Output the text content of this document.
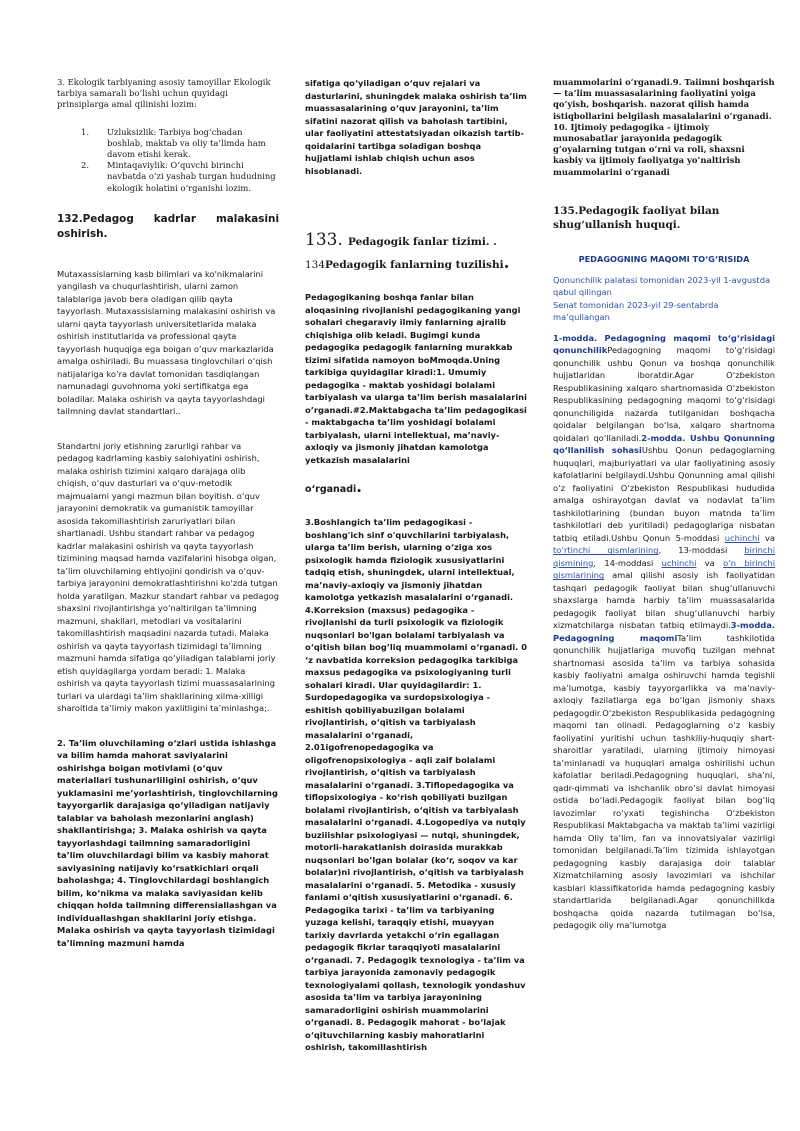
3. Ekologik tarbiyaning asosiy tamoyillar Ekologik tarbiya samarali bo‘lishi uchun quyidagi prinsiplarga amal qilinishi lozim:

1. Uzluksizlik: Tarbiya bog‘chadan boshlab, maktab va oliy ta’limda ham davom etishi kerak.
2. Mintaqaviylik: O‘quvchi birinchi navbatda o‘zi yashab turgan hududning ekologik holatini o‘rganishi lozim.

132.Pedagog kadrlar malakasini oshirish.

Mutaxassislarning kasb bilimlari va ko'nikmalarini yangilash va chuqurlashtirish, ularni zamon talablariga javob bera oladigan qilib qayta tayyorlash. Mutaxassislarning malakasini oshirish va ularni qayta tayyorlash universitetlarida malaka oshirish institutlarida va professional qayta tayyorlash huquqiga ega boigan o’quv markazlarida amalga oshiriladi. Bu muassasa tinglovchilari o‘qish natijalariga ko’ra davlat tomonidan tasdiqlangan namunadagi guvohnoma yoki sertifikatga ega boladilar. Malaka oshirish va qayta tayyorlashdagi tailmning davlat standartlari..

Standartni joriy etishning zarurligi rahbar va pedagog kadrlaming kasbiy salohiyatini oshirish, malaka oshirish tizimini xalqaro darajaga olib chiqish, o‘quv dasturlari va o‘quv-metodik majmualarni yangi mazmun bilan boyitish. o‘quv jarayonini demokratik va gumanistik tamoyillar asosida takomillashtirish zaruriyatlari bilan shartlanadi. Ushbu standart rahbar va pedagog kadrlar malakasini oshirish va qayta tayyorlash tizimining maqsad hamda vazifalarini hisobga olgan, ta’lim oluvchilaming ehtiyojini qondirish va o‘quv-tarbiya jarayonini demokratlashtirishni ko‘zda tutgan holda yaratilgan. Mazkur standart rahbar va pedagog shaxsini rivojlantirishga yo’naltirilgan ta’limning mazmuni, shakllari, metodlari va vositalarini takomillashtirish maqsadini nazarda tutadi. Malaka oshirish va qayta tayyorlash tizimidagi ta’limning mazmuni hamda sifatiga qo‘yiladigan talablami joriy etish quyidagilarga yordam beradi: 1. Malaka oshirish va qayta tayyorlash tizimi muassasalarining turlari va ulardagi ta’lim shakllarining xilma-xilligi sharoitida ta’limiy makon yaxlitligini ta’minlashga;.

2. Ta’lim oluvchilaming o‘zlari ustida ishlashga va bilim hamda mahorat saviyalarini oshirishga boigan motivlami (o‘quv materiallari tushunarliligini oshirish, o‘quv yuklamasini me’yorlashtirish, tinglovchilarning tayyorgarlik darajasiga qo‘yiladigan natijaviy talablar va baholash mezonlarini anglash) shakllantirishga; 3. Malaka oshirish va qayta tayyorlashdagi tailmning samaradorligini ta’lim oluvchilardagi bilim va kasbiy mahorat saviyasining natijaviy ko‘rsatkichlari orqali baholashga; 4. Tinglovchilardagi boshlangich bilim, ko‘nikma va malaka saviyasidan kelib chiqqan holda tailmning differensiallashgan va individuallashgan shakllarini joriy etishga. Malaka oshirish va qayta tayyorlash tizimidagi ta’limning mazmuni hamda

sifatiga qo‘yiladigan o‘quv rejalari va dasturlarini, shuningdek malaka oshirish ta’lim muassasalarining o‘quv jarayonini, ta’lim sifatini nazorat qilish va baholash tartibini, ular faoliyatini attestatsiyadan oikazish tartib-qoidalarini tartibga soladigan boshqa hujjatlami ishlab chiqish uchun asos hisoblanadi.

133. Pedagogik fanlar tizimi. .

134Pedagogik fanlarning tuzilishi.

Pedagogikaning boshqa fanlar bilan aloqasining rivojlanishi pedagogikaning yangi sohalari chegaraviy ilmiy fanlarning ajralib chiqishiga olib keladi. Bugimgi kunda pedagogika pedagogik fanlarning murakkab tizimi sifatida namoyon boMmoqda.Uning tarkibiga quyidagilar kiradi:1. Umumiy pedagogika - maktab yoshidagi bolalami tarbiyalash va ularga ta’lim berish masalalarini o’rganadi.#2.Maktabgacha ta’lim pedagogikasi - maktabgacha ta’lim yoshidagi bolalami tarbiyalash, ularni intellektual, ma’naviy-axloqiy va jismoniy jihatdan kamolotga yetkazish masalalarini

o‘rganadi.

3.Boshlangich ta’lim pedagogikasi - boshlang'ich sinf o'quvchilarini tarbiyalash, ularga ta’lim berish, ularning o‘ziga xos psixologik hamda fiziologik xususiyatlarini tadqiq etish, shuningdek, ularni intellektual, ma’naviy-axloqiy va jismoniy jihatdan kamolotga yetkazish masalalarini o‘rganadi. 4.Korreksion (maxsus) pedagogika - rivojlanishi da turli psixologik va fiziologik nuqsonlari bo'lgan bolalami tarbiyalash va o‘qitish bilan bog’liq muammolami o‘rganadi. 0 ‘z navbatida korreksion pedagogika tarkibiga maxsus pedagogika va psixologiyaning turli sohalari kiradi. Ular quyidagilardir: 1. Surdopedagogika va surdopsixologiya - eshitish qobiliyabuzilgan bolalami rivojlantirish, o‘qitish va tarbiyalash masalalarini o‘rganadi, 2.01igofrenopedagogika va oligofrenopsixologiya - aqli zaif bolalami rivojlantirish, o‘qitish va tarbiyalash masalalarini o‘rganadi. 3.Tiflopedagogika va tiflopsixologiya - ko‘rish qobiliyati buzilgan bolalami rivojlantirish, o‘qitish va tarbiyalash masalalarini o‘rganadi. 4.Logopediya va nutqiy buziiishlar psixologiyasi — nutqi, shuningdek, motorli-harakatlanish doirasida murakkab nuqsonlari bo’lgan bolalar (ko‘r, soqov va kar bolalar)ni rivojlantirish, o‘qitish va tarbiyalash masalalarini o‘rganadi. 5. Metodika - xususiy fanlami o‘qitish xususiyatlarini o‘rganadi. 6. Pedagogika tarixi - ta’lim va tarbiyaning yuzaga kelishi, taraqqiy etishi, muayyan tarixiy davrlarda yetakchi o‘rin egallagan pedagogik fikrlar taraqqiyoti masalalarini o‘rganadi. 7. Pedagogik texnologiya - ta’lim va tarbiya jarayonida zamonaviy pedagogik texnologiyalami qollash, texnologik yondashuv asosida ta’lim va tarbiya jarayonining samaradorligini oshirish muammolarini o‘rganadi. 8. Pedagogik mahorat - bo‘lajak o‘qituvchilarning kasbiy mahoratlarini oshirish, takomillashtirish

muammolarini o‘rganadi.9. Taiimni boshqarish — ta’lim muassasalarining faoliyatini yoiga qo‘yish, boshqarish. nazorat qilish hamda istiqbollarini belgilash masalalarini o‘rganadi. 10. Ijtimoiy pedagogika - ijtimoiy munosabatlar jarayonida pedagogik g‘oyalarning tutgan o‘rni va roli, shaxsni kasbiy va ijtimoiy faoliyatga yo‘naltirish muammolarini o‘rganadi

135.Pedagogik faoliyat bilan shug‘ullanish huquqi.

PEDAGOGNING MAQOMI TO‘G‘RISIDA

Qonunchilik palatasi tomonidan 2023-yil 1-avgustda qabul qilingan

Senat tomonidan 2023-yil 29-sentabrda ma’qullangan

1-modda. Pedagogning maqomi to‘g‘risidagi qonunchilikPedagogning maqomi to‘g‘risidagi qonunchilik ushbu Qonun va boshqa qonunchilik hujjatlaridan iboratdir.Agar O‘zbekiston Respublikasining xalqaro shartnomasida O‘zbekiston Respublikasining pedagogning maqomi to‘g‘risidagi qonunchiligida nazarda tutilganidan boshqacha qoidalar belgilangan bo‘lsa, xalqaro shartnoma qoidalari qo‘llaniladi.2-modda. Ushbu Qonunning qo‘llanilish sohasiUshbu Qonun pedagoglarning huquqlari, majburiyatlari va ular faoliyatining asosiy kafolatlarini belgilaydi.Ushbu Qonunning amal qilishi o‘z faoliyatini O‘zbekiston Respublikasi hududida amalga oshirayotgan davlat va nodavlat ta’lim tashkilotlarining (bundan buyon matnda ta’lim tashkilotlari deb yuritiladi) pedagoglariga nisbatan tatbiq etiladi.Ushbu Qonun 5-moddasi uchinchi va to‘rtinchi qismlarining, 13-moddasi birinchi qismining, 14-moddasi uchinchi va o‘n birinchi qismlarining amal qilishi asosiy ish faoliyatidan tashqari pedagogik faoliyat bilan shug‘ullanuvchi shaxslarga hamda harbiy ta’lim muassasalarida pedagogik faoliyat bilan shug‘ullanuvchi harbiy xizmatchilarga nisbatan tatbiq etilmaydi.3-modda. Pedagogning maqomiTa’lim tashkilotida qonunchilik hujjatlariga muvofiq tuzilgan mehnat shartnomasi asosida ta’lim va tarbiya sohasida kasbiy faoliyatni amalga oshiruvchi hamda tegishli ma’lumotga, kasbiy tayyorgarlikka va ma’naviy-axloqiy fazilatlarga ega bo‘lgan jismoniy shaxs pedagogdir.O‘zbekiston Respublikasida pedagogning maqomi tan olinadi. Pedagoglarning o‘z kasbiy faoliyatini yuritishi uchun tashkiliy-huquqiy shart-sharoitlar yaratiladi, ularning ijtimoiy himoyasi ta’minlanadi va huquqlari amalga oshirilishi uchun kafolatlar beriladi.Pedagogning huquqlari, sha’ni, qadr-qimmati va ishchanlik obro‘si davlat himoyasi ostida bo‘ladi.Pedagogik faoliyat bilan bog‘liq lavozimlar ro‘yxati tegishincha O‘zbekiston Respublikasi Maktabgacha va maktab ta’limi vazirligi hamda Oliy ta’lim, fan va innovatsiyalar vazirligi tomonidan belgilanadi.Ta’lim tizimida ishlayotgan pedagogning kasbiy darajasiga doir talablar Xizmatchilarning asosiy lavozimlari va ishchilar kasblari klassifikatorida hamda pedagogning kasbiy standartlarida belgilanadi.Agar qonunchilikda boshqacha qoida nazarda tutilmagan bo‘lsa, pedagogik oliy ma’lumotga
